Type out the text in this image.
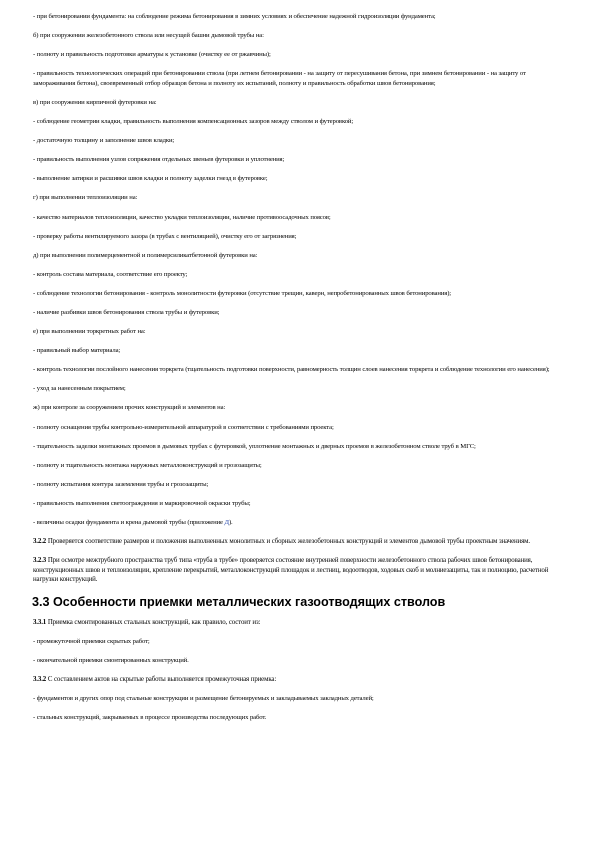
- при бетонировании фундамента: на соблюдение режима бетонирования в зимних условиях и обеспечение надежной гидроизоляции фундамента;

б) при сооружении железобетонного ствола или несущей башни дымовой трубы на:

- полноту и правильность подготовки арматуры к установке (очистку ее от ржавчины);

- правильность технологических операций при бетонировании ствола (при летнем бетонировании - на защиту от пересушивания бетона, при зимнем бетонировании - на защиту от замораживания бетона), своевременный отбор образцов бетона и полноту их испытаний, полноту и правильность обработки швов бетонирования;

в) при сооружении кирпичной футеровки на:

- соблюдение геометрии кладки, правильность выполнения компенсационных зазоров между стволом и футеровкой;

- достаточную толщину и заполнение швов кладки;

- правильность выполнения узлов сопряжения отдельных звеньев футеровки и уплотнения;

- выполнение затирки и расшивки швов кладки и полноту заделки гнезд в футеровке;

г) при выполнении теплоизоляции на:

- качество материалов теплоизоляции, качество укладки теплоизоляции, наличие противоосадочных поясов;

- проверку работы вентилируемого зазора (в трубах с вентиляцией), очистку его от загрязнения;

д) при выполнении полимерцементной и полимерсиликатбетонной футеровки на:

- контроль состава материала, соответствие его проекту;

- соблюдение технологии бетонирования - контроль монолитности футеровки (отсутствие трещин, каверн, непробетонированных швов бетонирования);

- наличие разбивки швов бетонирования ствола трубы и футеровки;

е) при выполнении торкретных работ на:

- правильный выбор материала;

- контроль технологии послойного нанесения торкрета (тщательность подготовки поверхности, равномерность толщин слоев нанесения торкрета и соблюдение технологии его нанесения);

- уход за нанесенным покрытием;

ж) при контроле за сооружением прочих конструкций и элементов на:

- полноту оснащения трубы контрольно-измерительной аппаратурой в соответствии с требованиями проекта;

- тщательность заделки монтажных проемов в дымовых трубах с футеровкой, уплотнение монтажных и дверных проемов в железобетонном стволе труб в МГС;

- полноту и тщательность монтажа наружных металлоконструкций и грозозащиты;

- полноту испытания контура заземления трубы и грозозащиты;

- правильность выполнения светоограждения и маркировочной окраски трубы;

- величины осадки фундамента и крена дымовой трубы (приложение Д).

3.2.2 Проверяется соответствие размеров и положения выполненных монолитных и сборных железобетонных конструкций и элементов дымовой трубы проектным значениям.

3.2.3 При осмотре межтрубного пространства труб типа «труба в трубе» проверяется состояние внутренней поверхности железобетонного ствола рабочих швов бетонирования, конструкционных швов и теплоизоляции, крепление перекрытий, металлоконструкций площадок и лестниц, водоотводов, ходовых скоб и молниезащиты, так и полноцию, расчетной нагрузки конструкций.

3.3 Особенности приемки металлических газоотводящих стволов

3.3.1 Приемка смонтированных стальных конструкций, как правило, состоит из:

- промежуточной приемки скрытых работ;

- окончательной приемки смонтированных конструкций.

3.3.2 С составлением актов на скрытые работы выполняется промежуточная приемка:

- фундаментов и других опор под стальные конструкции и размещение бетонируемых и закладываемых закладных деталей;

- стальных конструкций, закрываемых в процессе производства последующих работ.
